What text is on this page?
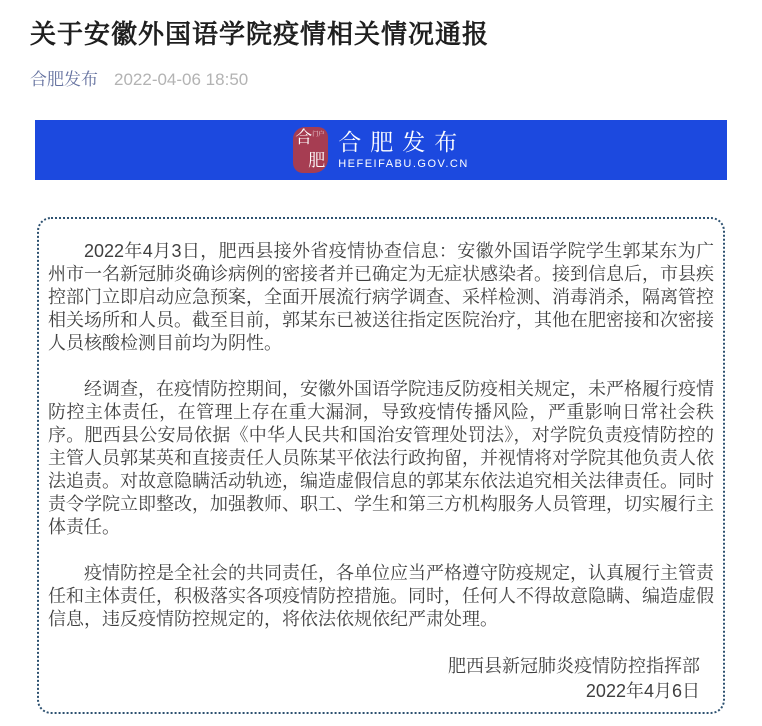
关于安徽外国语学院疫情相关情况通报
合肥发布 2022-04-06 18:50
合 门户
肥
合肥发布
HEFEIFABU.GOV.CN

2022年4月3日，肥西县接外省疫情协查信息：安徽外国语学院学生郭某东为广州市一名新冠肺炎确诊病例的密接者并已确定为无症状感染者。接到信息后，市县疾控部门立即启动应急预案，全面开展流行病学调查、采样检测、消毒消杀，隔离管控相关场所和人员。截至目前，郭某东已被送往指定医院治疗，其他在肥密接和次密接人员核酸检测目前均为阴性。

经调查，在疫情防控期间，安徽外国语学院违反防疫相关规定，未严格履行疫情防控主体责任，在管理上存在重大漏洞，导致疫情传播风险，严重影响日常社会秩序。肥西县公安局依据《中华人民共和国治安管理处罚法》，对学院负责疫情防控的主管人员郭某英和直接责任人员陈某平依法行政拘留，并视情将对学院其他负责人依法追责。对故意隐瞒活动轨迹，编造虚假信息的郭某东依法追究相关法律责任。同时责令学院立即整改，加强教师、职工、学生和第三方机构服务人员管理，切实履行主体责任。

疫情防控是全社会的共同责任，各单位应当严格遵守防疫规定，认真履行主管责任和主体责任，积极落实各项疫情防控措施。同时，任何人不得故意隐瞒、编造虚假信息，违反疫情防控规定的，将依法依规依纪严肃处理。

肥西县新冠肺炎疫情防控指挥部
2022年4月6日
